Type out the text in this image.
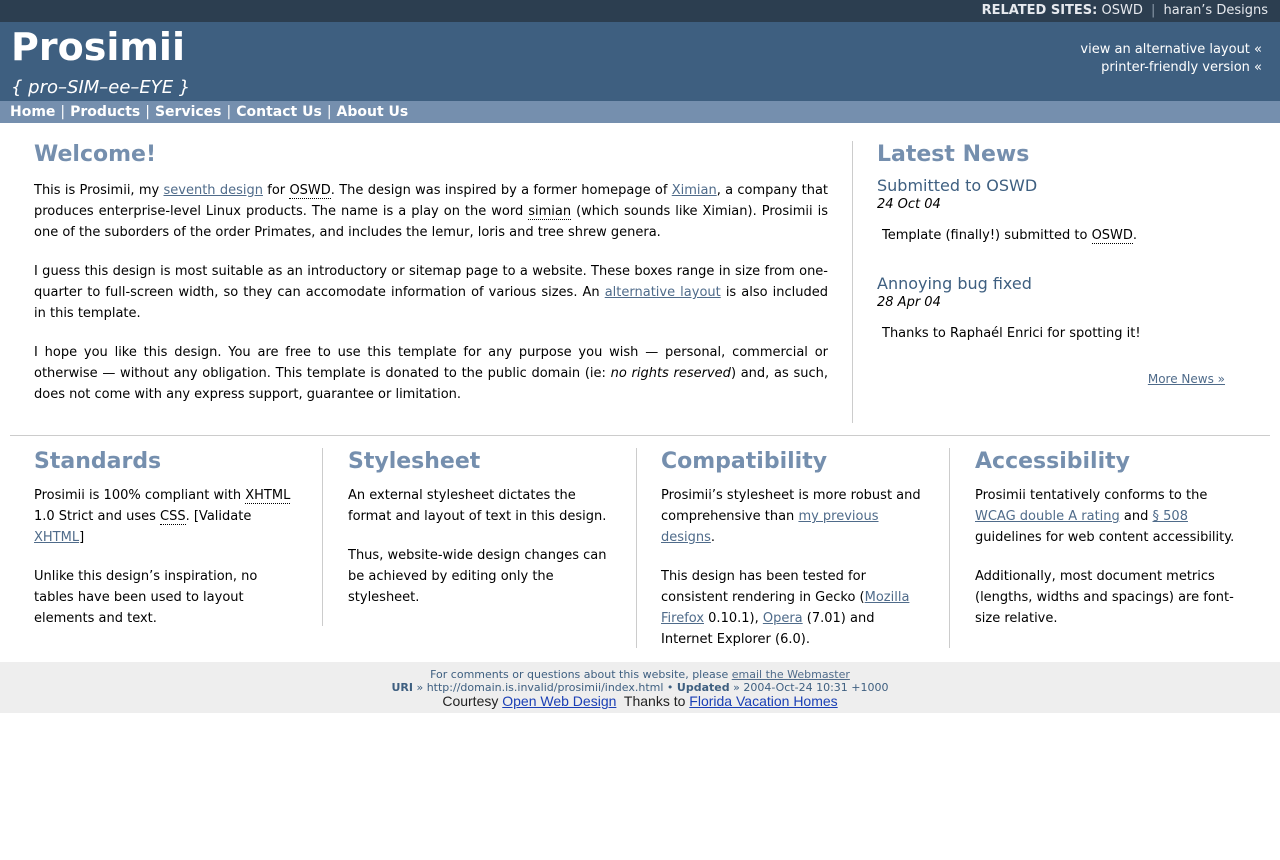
RELATED SITES: OSWD | haran’s Designs
Prosimii
{ pro–SIM–ee–EYE }
view an alternative layout «
printer-friendly version «
Home | Products | Services | Contact Us | About Us
Welcome!

This is Prosimii, my seventh design for OSWD. The design was inspired by a former homepage of Ximian, a company that produces enterprise-level Linux products. The name is a play on the word simian (which sounds like Ximian). Prosimii is one of the suborders of the order Primates, and includes the lemur, loris and tree shrew genera.

I guess this design is most suitable as an introductory or sitemap page to a website. These boxes range in size from one-quarter to full-screen width, so they can accomodate information of various sizes. An alternative layout is also included in this template.

I hope you like this design. You are free to use this template for any purpose you wish — personal, commercial or otherwise — without any obligation. This template is donated to the public domain (ie: no rights reserved) and, as such, does not come with any express support, guarantee or limitation.

Latest News
Submitted to OSWD
24 Oct 04
Template (finally!) submitted to OSWD.
Annoying bug fixed
28 Apr 04
Thanks to Raphaél Enrici for spotting it!
More News »
Standards

Prosimii is 100% compliant with XHTML 1.0 Strict and uses CSS. [Validate XHTML]

Unlike this design’s inspiration, no tables have been used to layout elements and text.

Stylesheet

An external stylesheet dictates the format and layout of text in this design.

Thus, website-wide design changes can be achieved by editing only the stylesheet.

Compatibility

Prosimii’s stylesheet is more robust and comprehensive than my previous designs.

This design has been tested for consistent rendering in Gecko (Mozilla Firefox 0.10.1), Opera (7.01) and Internet Explorer (6.0).

Accessibility

Prosimii tentatively conforms to the WCAG double A rating and § 508 guidelines for web content accessibility.

Additionally, most document metrics (lengths, widths and spacings) are font-size relative.

For comments or questions about this website, please email the Webmaster
URI » http://domain.is.invalid/prosimii/index.html • Updated » 2004-Oct-24 10:31 +1000
Courtesy Open Web Design  Thanks to Florida Vacation Homes
